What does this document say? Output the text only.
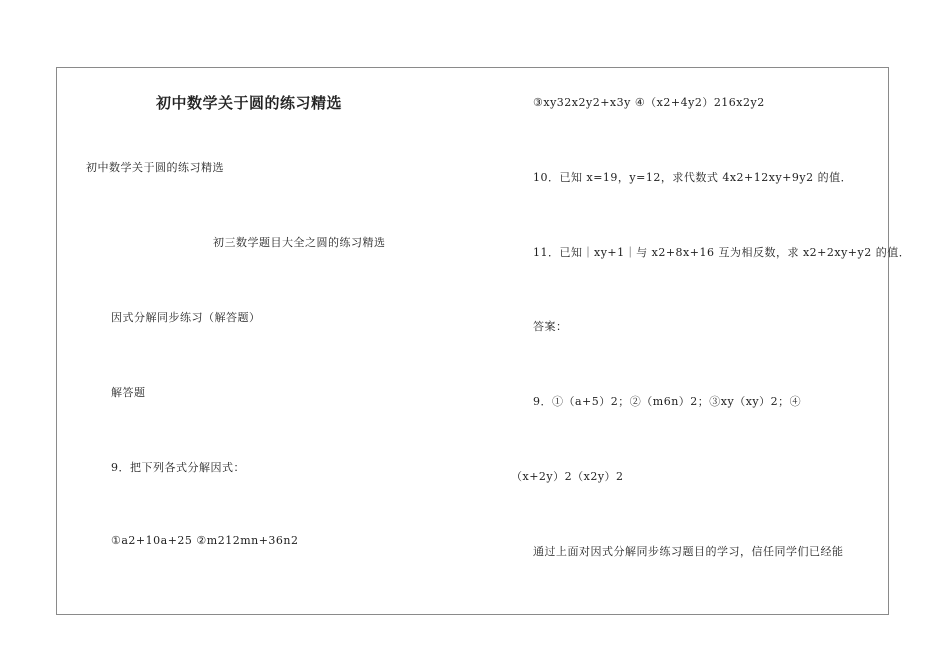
初中数学关于圆的练习精选
初中数学关于圆的练习精选
初三数学题目大全之圆的练习精选
因式分解同步练习（解答题）
解答题
9．把下列各式分解因式：
①a2+10a+25 ②m212mn+36n2
③xy32x2y2+x3y ④（x2+4y2）216x2y2
10．已知 x=19，y=12，求代数式 4x2+12xy+9y2 的值．
11．已知｜xy+1｜与 x2+8x+16 互为相反数，求 x2+2xy+y2 的值．
答案：
9．①（a+5）2；②（m6n）2；③xy（xy）2；④
（x+2y）2（x2y）2
通过上面对因式分解同步练习题目的学习，信任同学们已经能
